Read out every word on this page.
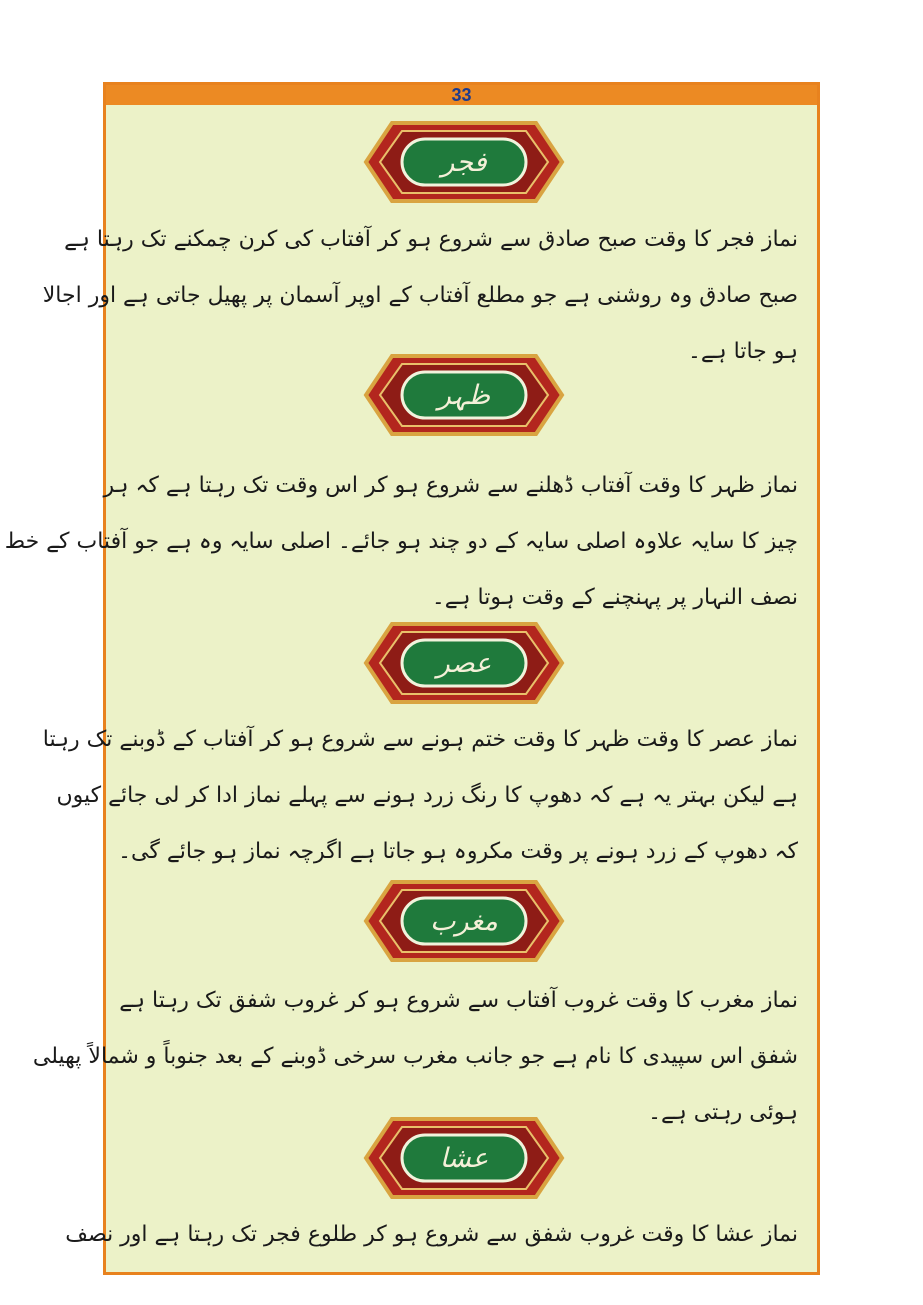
33
فجر
نماز فجر کا وقت صبح صادق سے شروع ہو کر آفتاب کی کرن چمکنے تک رہتا ہے
صبح صادق وہ روشنی ہے جو مطلع آفتاب کے اوپر آسمان پر پھیل جاتی ہے اور اجالا
ہو جاتا ہے۔
ظہر
نماز ظہر کا وقت آفتاب ڈھلنے سے شروع ہو کر اس وقت تک رہتا ہے کہ ہر
چیز کا سایہ علاوہ اصلی سایہ کے دو چند ہو جائے۔ اصلی سایہ وہ ہے جو آفتاب کے خط
نصف النہار پر پہنچنے کے وقت ہوتا ہے۔
عصر
نماز عصر کا وقت ظہر کا وقت ختم ہونے سے شروع ہو کر آفتاب کے ڈوبنے تک رہتا
ہے لیکن بہتر یہ ہے کہ دھوپ کا رنگ زرد ہونے سے پہلے نماز ادا کر لی جائے کیوں
کہ دھوپ کے زرد ہونے پر وقت مکروہ ہو جاتا ہے اگرچہ نماز ہو جائے گی۔
مغرب
نماز مغرب کا وقت غروب آفتاب سے شروع ہو کر غروب شفق تک رہتا ہے
شفق اس سپیدی کا نام ہے جو جانب مغرب سرخی ڈوبنے کے بعد جنوباً و شمالاً پھیلی
ہوئی رہتی ہے۔
عشا
نماز عشا کا وقت غروب شفق سے شروع ہو کر طلوع فجر تک رہتا ہے اور نصف
